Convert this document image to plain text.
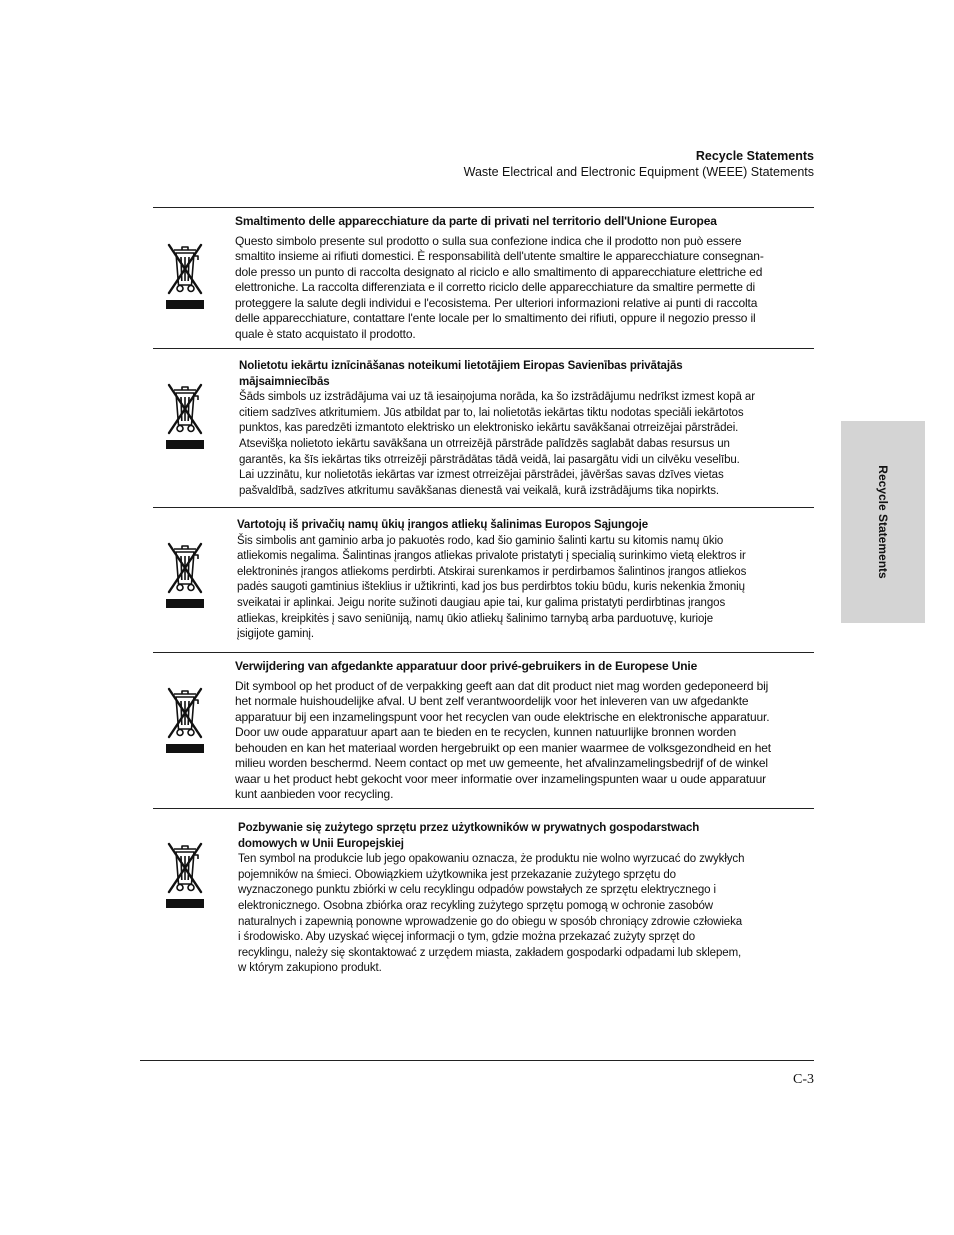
Recycle Statements
Waste Electrical and Electronic Equipment (WEEE) Statements
Recycle Statements
Smaltimento delle apparecchiature da parte di privati nel territorio dell'Unione Europea
Questo simbolo presente sul prodotto o sulla sua confezione indica che il prodotto non può essere
smaltito insieme ai rifiuti domestici. È responsabilità dell'utente smaltire le apparecchiature consegnan-
dole presso un punto di raccolta designato al riciclo e allo smaltimento di apparecchiature elettriche ed
elettroniche. La raccolta differenziata e il corretto riciclo delle apparecchiature da smaltire permette di
proteggere la salute degli individui e l'ecosistema. Per ulteriori informazioni relative ai punti di raccolta
delle apparecchiature, contattare l'ente locale per lo smaltimento dei rifiuti, oppure il negozio presso il
quale è stato acquistato il prodotto.
Nolietotu iekārtu iznīcināšanas noteikumi lietotājiem Eiropas Savienības privātajās
mājsaimniecībās
Šāds simbols uz izstrādājuma vai uz tā iesaiņojuma norāda, ka šo izstrādājumu nedrīkst izmest kopā ar
citiem sadzīves atkritumiem. Jūs atbildat par to, lai nolietotās iekārtas tiktu nodotas speciāli iekārtotos
punktos, kas paredzēti izmantoto elektrisko un elektronisko iekārtu savākšanai otrreizējai pārstrādei.
Atsevišķa nolietoto iekārtu savākšana un otrreizējā pārstrāde palīdzēs saglabāt dabas resursus un
garantēs, ka šīs iekārtas tiks otrreizēji pārstrādātas tādā veidā, lai pasargātu vidi un cilvēku veselību.
Lai uzzinātu, kur nolietotās iekārtas var izmest otrreizējai pārstrādei, jāvēršas savas dzīves vietas
pašvaldībā, sadzīves atkritumu savākšanas dienestā vai veikalā, kurā izstrādājums tika nopirkts.
Vartotojų iš privačių namų ūkių įrangos atliekų šalinimas Europos Sąjungoje
Šis simbolis ant gaminio arba jo pakuotės rodo, kad šio gaminio šalinti kartu su kitomis namų ūkio
atliekomis negalima. Šalintinas įrangos atliekas privalote pristatyti į specialią surinkimo vietą elektros ir
elektroninės įrangos atliekoms perdirbti. Atskirai surenkamos ir perdirbamos šalintinos įrangos atliekos
padės saugoti gamtinius išteklius ir užtikrinti, kad jos bus perdirbtos tokiu būdu, kuris nekenkia žmonių
sveikatai ir aplinkai. Jeigu norite sužinoti daugiau apie tai, kur galima pristatyti perdirbtinas įrangos
atliekas, kreipkitės į savo seniūniją, namų ūkio atliekų šalinimo tarnybą arba parduotuvę, kurioje
įsigijote gaminį.
Verwijdering van afgedankte apparatuur door privé-gebruikers in de Europese Unie
Dit symbool op het product of de verpakking geeft aan dat dit product niet mag worden gedeponeerd bij
het normale huishoudelijke afval. U bent zelf verantwoordelijk voor het inleveren van uw afgedankte
apparatuur bij een inzamelingspunt voor het recyclen van oude elektrische en elektronische apparatuur.
Door uw oude apparatuur apart aan te bieden en te recyclen, kunnen natuurlijke bronnen worden
behouden en kan het materiaal worden hergebruikt op een manier waarmee de volksgezondheid en het
milieu worden beschermd. Neem contact op met uw gemeente, het afvalinzamelingsbedrijf of de winkel
waar u het product hebt gekocht voor meer informatie over inzamelingspunten waar u oude apparatuur
kunt aanbieden voor recycling.
Pozbywanie się zużytego sprzętu przez użytkowników w prywatnych gospodarstwach
domowych w Unii Europejskiej
Ten symbol na produkcie lub jego opakowaniu oznacza, że produktu nie wolno wyrzucać do zwykłych
pojemników na śmieci. Obowiązkiem użytkownika jest przekazanie zużytego sprzętu do
wyznaczonego punktu zbiórki w celu recyklingu odpadów powstałych ze sprzętu elektrycznego i
elektronicznego. Osobna zbiórka oraz recykling zużytego sprzętu pomogą w ochronie zasobów
naturalnych i zapewnią ponowne wprowadzenie go do obiegu w sposób chroniący zdrowie człowieka
i środowisko. Aby uzyskać więcej informacji o tym, gdzie można przekazać zużyty sprzęt do
recyklingu, należy się skontaktować z urzędem miasta, zakładem gospodarki odpadami lub sklepem,
w którym zakupiono produkt.
C-3
